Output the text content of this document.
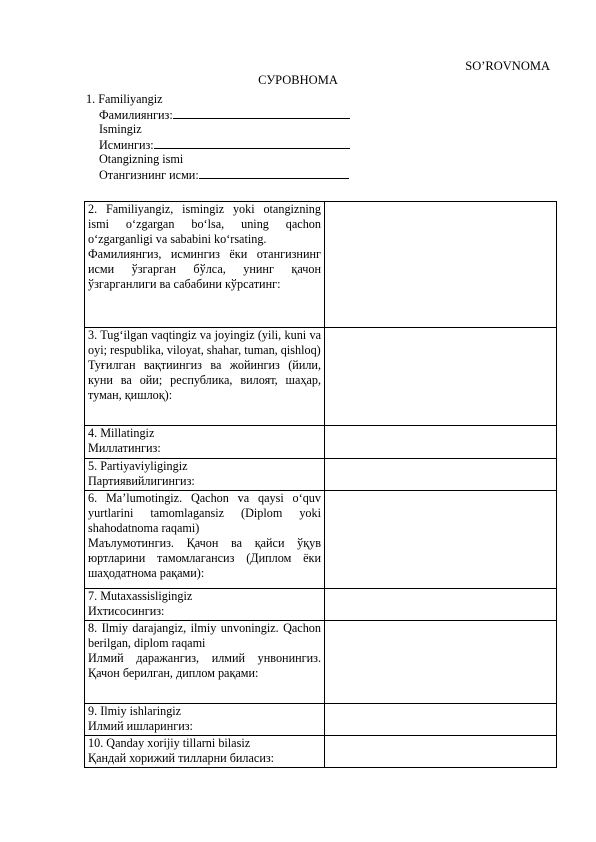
SO’ROVNOMA
СУРОВНОМА
1. Familiyangiz
Фамилиянгиз:
Ismingiz
Исмингиз:
Otangizning ismi
Отангизнинг исми:

2. Familiyangiz, ismingiz yoki otangizning ismi o‘zgargan bo‘lsa, uning qachon o‘zgarganligi va sababini ko‘rsating.

Фамилиянгиз, исмингиз ёки отангизнинг исми ўзгарган бўлса, унинг қачон ўзгарганлиги ва сабабини кўрсатинг:	

3. Tug‘ilgan vaqtingiz va joyingiz (yili, kuni va oyi; respublika, viloyat, shahar, tuman, qishloq)

Туғилган вақтиингиз ва жойингиз (йили, куни ва ойи; республика, вилоят, шаҳар, туман, қишлоқ):	

4. Millatingiz

Миллатингиз:	

5. Partiyaviyligingiz

Партиявийлигингиз:	

6. Ma’lumotingiz. Qachon va qaysi o‘quv yurtlarini tamomlagansiz (Diplom yoki shahodatnoma raqami)

Маълумотингиз. Қачон ва қайси ўқув юртларини тамомлагансиз (Диплом ёки шаҳодатнома рақами):	

7. Mutaxassisligingiz

Ихтисосингиз:	

8. Ilmiy darajangiz, ilmiy unvoningiz. Qachon berilgan, diplom raqami

Илмий даражангиз, илмий унвонингиз. Қачон берилган, диплом рақами:	

9. Ilmiy ishlaringiz

Илмий ишларингиз:	

10. Qanday xorijiy tillarni bilasiz

Қандай хорижий тилларни биласиз:	
